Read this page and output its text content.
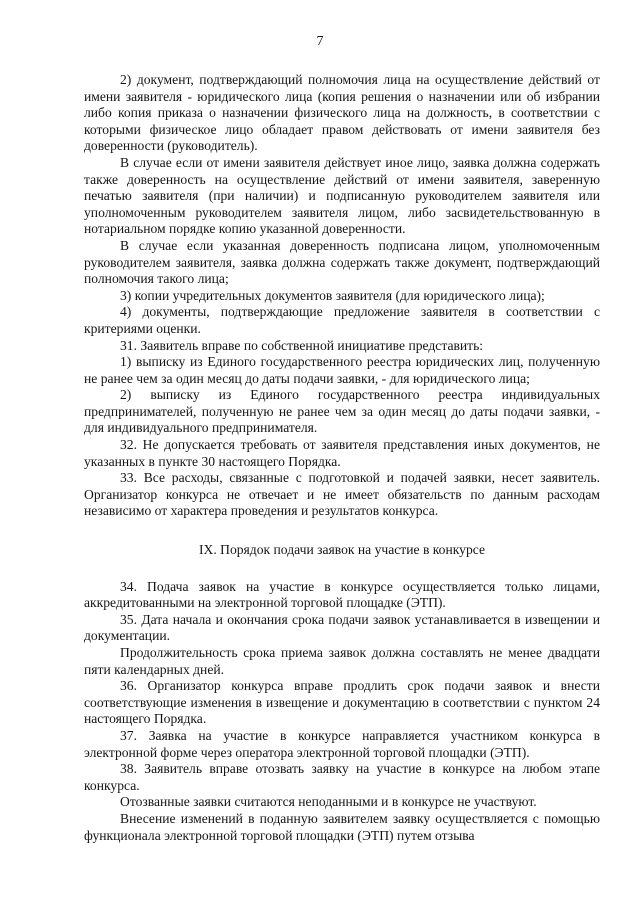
7

2) документ, подтверждающий полномочия лица на осуществление действий от имени заявителя - юридического лица (копия решения о назначении или об избрании либо копия приказа о назначении физического лица на должность, в соответствии с которыми физическое лицо обладает правом действовать от имени заявителя без доверенности (руководитель).

В случае если от имени заявителя действует иное лицо, заявка должна содержать также доверенность на осуществление действий от имени заявителя, заверенную печатью заявителя (при наличии) и подписанную руководителем заявителя или уполномоченным руководителем заявителя лицом, либо засвидетельствованную в нотариальном порядке копию указанной доверенности.

В случае если указанная доверенность подписана лицом, уполномоченным руководителем заявителя, заявка должна содержать также документ, подтверждающий полномочия такого лица;

3) копии учредительных документов заявителя (для юридического лица);

4) документы, подтверждающие предложение заявителя в соответствии с критериями оценки.

31. Заявитель вправе по собственной инициативе представить:

1) выписку из Единого государственного реестра юридических лиц, полученную не ранее чем за один месяц до даты подачи заявки, - для юридического лица;

2) выписку из Единого государственного реестра индивидуальных предпринимателей, полученную не ранее чем за один месяц до даты подачи заявки, - для индивидуального предпринимателя.

32. Не допускается требовать от заявителя представления иных документов, не указанных в пункте 30 настоящего Порядка.

33. Все расходы, связанные с подготовкой и подачей заявки, несет заявитель. Организатор конкурса не отвечает и не имеет обязательств по данным расходам независимо от характера проведения и результатов конкурса.

IX. Порядок подачи заявок на участие в конкурсе

34. Подача заявок на участие в конкурсе осуществляется только лицами, аккредитованными на электронной торговой площадке (ЭТП).

35. Дата начала и окончания срока подачи заявок устанавливается в извещении и документации.

Продолжительность срока приема заявок должна составлять не менее двадцати пяти календарных дней.

36. Организатор конкурса вправе продлить срок подачи заявок и внести соответствующие изменения в извещение и документацию в соответствии с пунктом 24 настоящего Порядка.

37. Заявка на участие в конкурсе направляется участником конкурса в электронной форме через оператора электронной торговой площадки (ЭТП).

38. Заявитель вправе отозвать заявку на участие в конкурсе на любом этапе конкурса.

Отозванные заявки считаются неподанными и в конкурсе не участвуют.

Внесение изменений в поданную заявителем заявку осуществляется с помощью функционала электронной торговой площадки (ЭТП) путем отзыва
